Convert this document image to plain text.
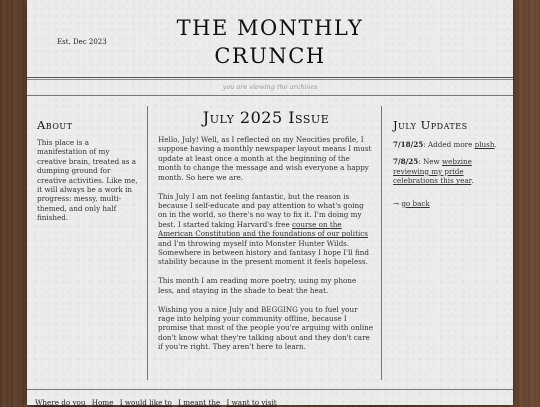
Est. Dec 2023
THE MONTHLY
CRUNCH
you are viewing the archives
About

This place is a manifestation of my creative brain, treated as a dumping ground for creative activities. Like me, it will always be a work in progress: messy, multi-themed, and only half finished.

July 2025 Issue

Hello, July! Well, as I reflected on my Neocities profile, I suppose having a monthly newspaper layout means I must update at least once a month at the beginning of the month to change the message and wish everyone a happy month. So here we are.

This July I am not feeling fantastic, but the reason is because I self-educate and pay attention to what's going on in the world, so there's no way to fix it. I'm doing my best. I started taking Harvard's free course on the American Constitution and the foundations of our politics and I'm throwing myself into Monster Hunter Wilds. Somewhere in between history and fantasy I hope I'll find stability because in the present moment it feels hopeless.

This month I am reading more poetry, using my phone less, and staying in the shade to beat the heat.

Wishing you a nice July and BEGGING you to fuel your rage into helping your community offline, because I promise that most of the people you're arguing with online don't know what they're talking about and they don't care if you're right. They aren't here to learn.

July Updates

7/18/25: Added more plush.

7/8/25: New webzine reviewing my pride celebrations this year.

→ go back
Where do you Home I would like to I meant the I want to visit
